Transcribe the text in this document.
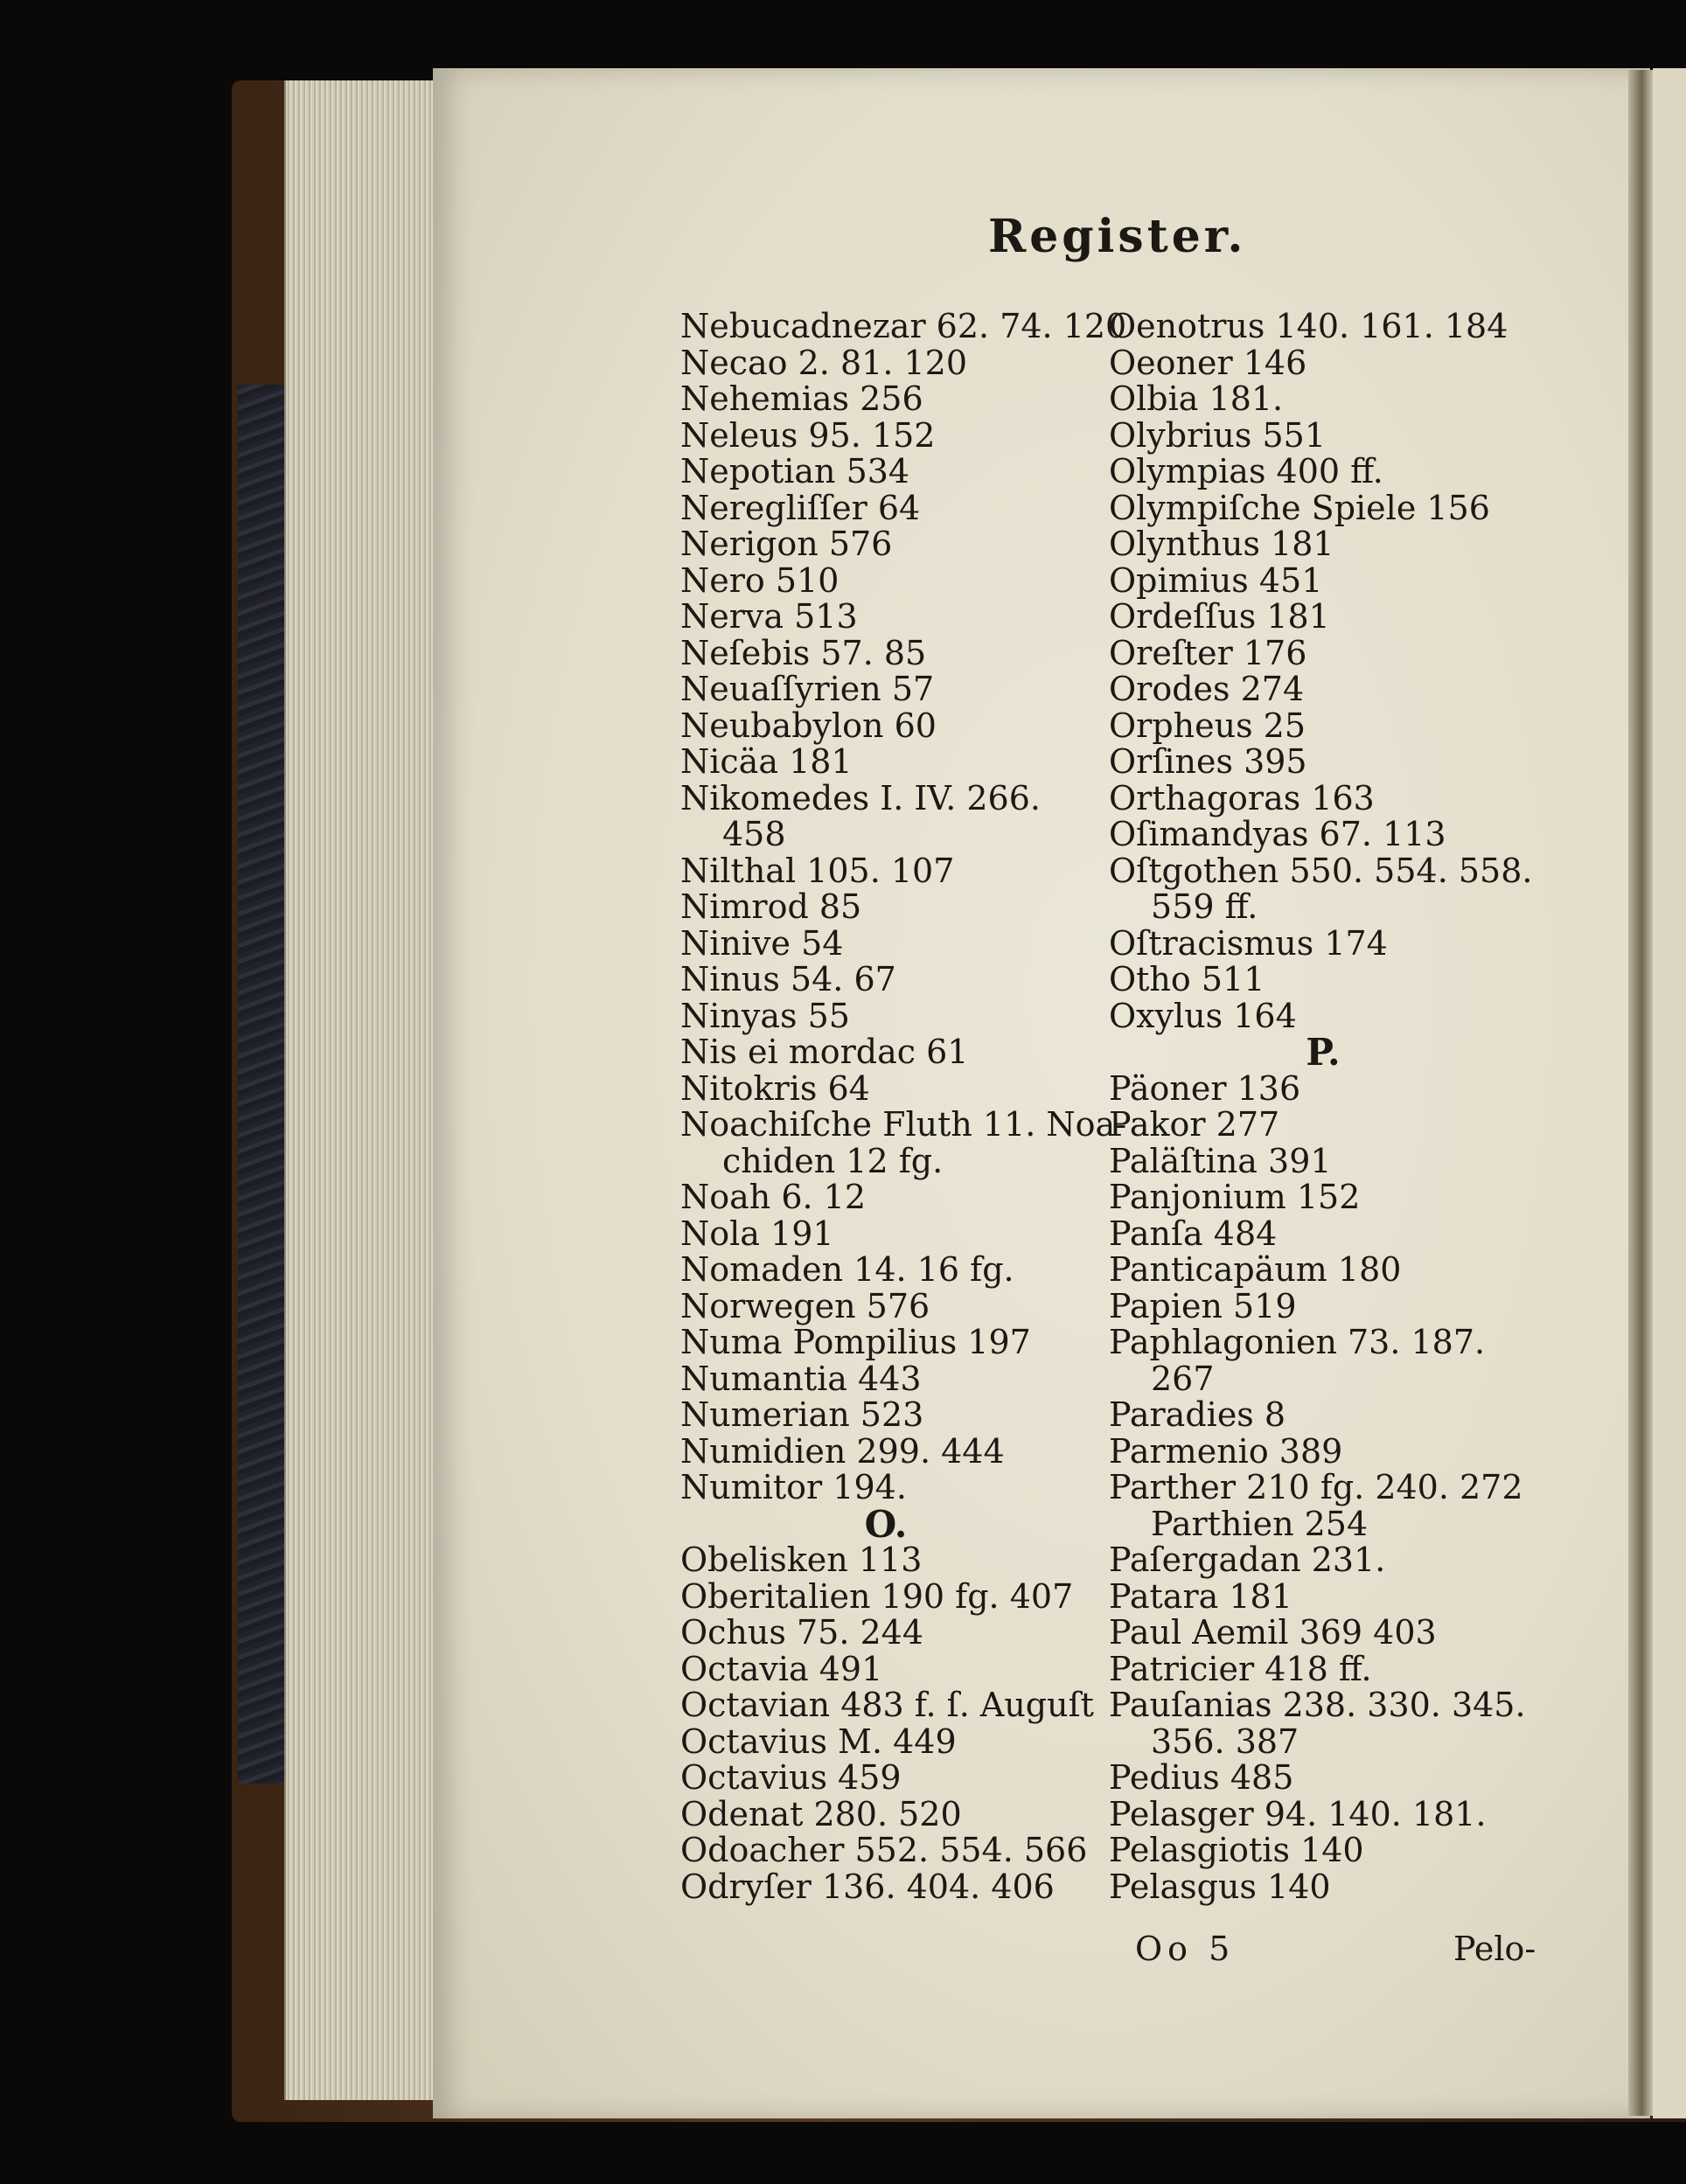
Register.
Nebucadnezar 62. 74. 120
Necao 2. 81. 120
Nehemias 256
Neleus 95. 152
Nepotian 534
Neregliſſer 64
Nerigon 576
Nero 510
Nerva 513
Neſebis 57. 85
Neuaſſyrien 57
Neubabylon 60
Nicäa 181
Nikomedes I. IV. 266.
458
Nilthal 105. 107
Nimrod 85
Ninive 54
Ninus 54. 67
Ninyas 55
Nis ei mordac 61
Nitokris 64
Noachiſche Fluth 11. Noa-
chiden 12 fg.
Noah 6. 12
Nola 191
Nomaden 14. 16 fg.
Norwegen 576
Numa Pompilius 197
Numantia 443
Numerian 523
Numidien 299. 444
Numitor 194.
O.
Obelisken 113
Oberitalien 190 fg. 407
Ochus 75. 244
Octavia 491
Octavian 483 f. ſ. Auguſt
Octavius M. 449
Octavius 459
Odenat 280. 520
Odoacher 552. 554. 566
Odryſer 136. 404. 406
Oenotrus 140. 161. 184
Oeoner 146
Olbia 181.
Olybrius 551
Olympias 400 ff.
Olympiſche Spiele 156
Olynthus 181
Opimius 451
Ordeſſus 181
Oreſter 176
Orodes 274
Orpheus 25
Orſines 395
Orthagoras 163
Oſimandyas 67. 113
Oſtgothen 550. 554. 558.
559 ff.
Oſtracismus 174
Otho 511
Oxylus 164
P.
Päoner 136
Pakor 277
Paläſtina 391
Panjonium 152
Panſa 484
Panticapäum 180
Papien 519
Paphlagonien 73. 187.
267
Paradies 8
Parmenio 389
Parther 210 fg. 240. 272
Parthien 254
Paſergadan 231.
Patara 181
Paul Aemil 369 403
Patricier 418 ff.
Pauſanias 238. 330. 345.
356. 387
Pedius 485
Pelasger 94. 140. 181.
Pelasgiotis 140
Pelasgus 140
Oo 5	Pelo-
